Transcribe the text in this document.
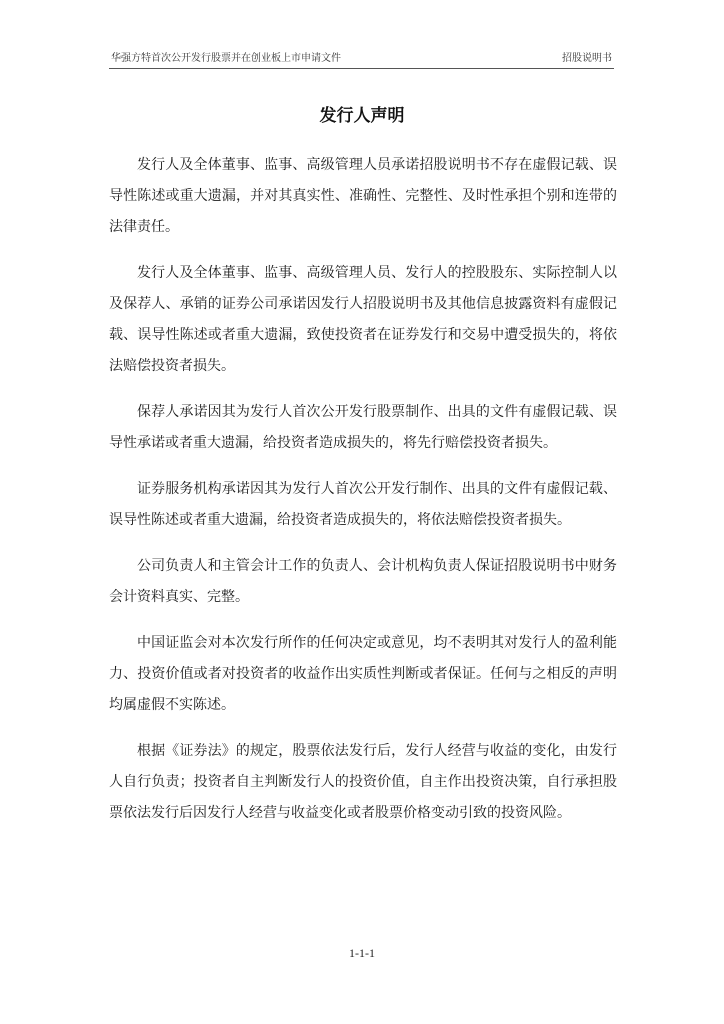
华强方特首次公开发行股票并在创业板上市申请文件	招股说明书
发行人声明

发行人及全体董事、监事、高级管理人员承诺招股说明书不存在虚假记载、误导性陈述或重大遗漏，并对其真实性、准确性、完整性、及时性承担个别和连带的法律责任。

发行人及全体董事、监事、高级管理人员、发行人的控股股东、实际控制人以及保荐人、承销的证券公司承诺因发行人招股说明书及其他信息披露资料有虚假记载、误导性陈述或者重大遗漏，致使投资者在证券发行和交易中遭受损失的，将依法赔偿投资者损失。

保荐人承诺因其为发行人首次公开发行股票制作、出具的文件有虚假记载、误导性承诺或者重大遗漏，给投资者造成损失的，将先行赔偿投资者损失。

证券服务机构承诺因其为发行人首次公开发行制作、出具的文件有虚假记载、误导性陈述或者重大遗漏，给投资者造成损失的，将依法赔偿投资者损失。

公司负责人和主管会计工作的负责人、会计机构负责人保证招股说明书中财务会计资料真实、完整。

中国证监会对本次发行所作的任何决定或意见，均不表明其对发行人的盈利能力、投资价值或者对投资者的收益作出实质性判断或者保证。任何与之相反的声明均属虚假不实陈述。

根据《证券法》的规定，股票依法发行后，发行人经营与收益的变化，由发行人自行负责；投资者自主判断发行人的投资价值，自主作出投资决策，自行承担股票依法发行后因发行人经营与收益变化或者股票价格变动引致的投资风险。

1-1-1
